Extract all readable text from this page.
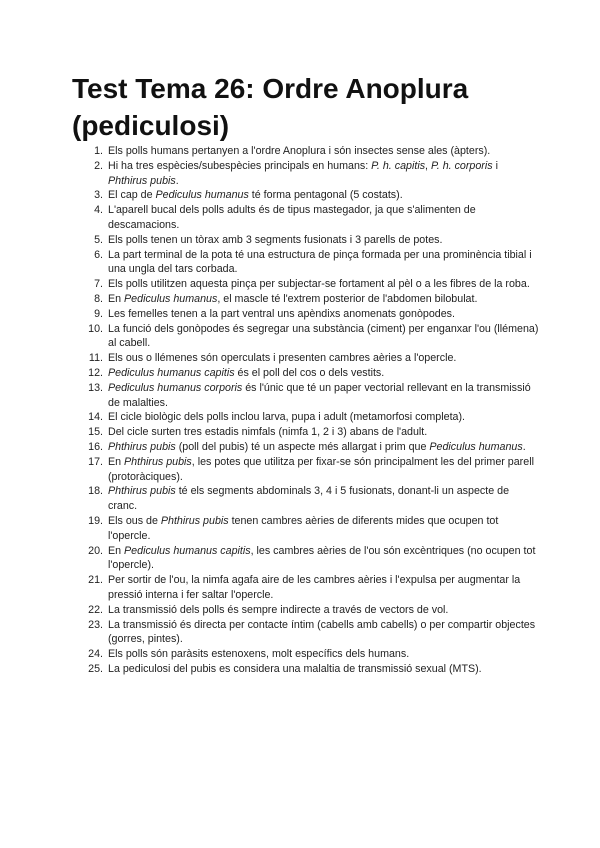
Test Tema 26: Ordre Anoplura (pediculosi)
1. Els polls humans pertanyen a l'ordre Anoplura i són insectes sense ales (àpters).
2. Hi ha tres espècies/subespècies principals en humans: P. h. capitis, P. h. corporis i Phthirus pubis.
3. El cap de Pediculus humanus té forma pentagonal (5 costats).
4. L'aparell bucal dels polls adults és de tipus mastegador, ja que s'alimenten de descamacions.
5. Els polls tenen un tòrax amb 3 segments fusionats i 3 parells de potes.
6. La part terminal de la pota té una estructura de pinça formada per una prominència tibial i una ungla del tars corbada.
7. Els polls utilitzen aquesta pinça per subjectar-se fortament al pèl o a les fibres de la roba.
8. En Pediculus humanus, el mascle té l'extrem posterior de l'abdomen bilobulat.
9. Les femelles tenen a la part ventral uns apèndixs anomenats gonòpodes.
10. La funció dels gonòpodes és segregar una substància (ciment) per enganxar l'ou (llémena) al cabell.
11. Els ous o llémenes són operculats i presenten cambres aèries a l'opercle.
12. Pediculus humanus capitis és el poll del cos o dels vestits.
13. Pediculus humanus corporis és l'únic que té un paper vectorial rellevant en la transmissió de malalties.
14. El cicle biològic dels polls inclou larva, pupa i adult (metamorfosi completa).
15. Del cicle surten tres estadis nimfals (nimfa 1, 2 i 3) abans de l'adult.
16. Phthirus pubis (poll del pubis) té un aspecte més allargat i prim que Pediculus humanus.
17. En Phthirus pubis, les potes que utilitza per fixar-se són principalment les del primer parell (protoràciques).
18. Phthirus pubis té els segments abdominals 3, 4 i 5 fusionats, donant-li un aspecte de cranc.
19. Els ous de Phthirus pubis tenen cambres aèries de diferents mides que ocupen tot l'opercle.
20. En Pediculus humanus capitis, les cambres aèries de l'ou són excèntriques (no ocupen tot l'opercle).
21. Per sortir de l'ou, la nimfa agafa aire de les cambres aèries i l'expulsa per augmentar la pressió interna i fer saltar l'opercle.
22. La transmissió dels polls és sempre indirecte a través de vectors de vol.
23. La transmissió és directa per contacte íntim (cabells amb cabells) o per compartir objectes (gorres, pintes).
24. Els polls són paràsits estenoxens, molt específics dels humans.
25. La pediculosi del pubis es considera una malaltia de transmissió sexual (MTS).
